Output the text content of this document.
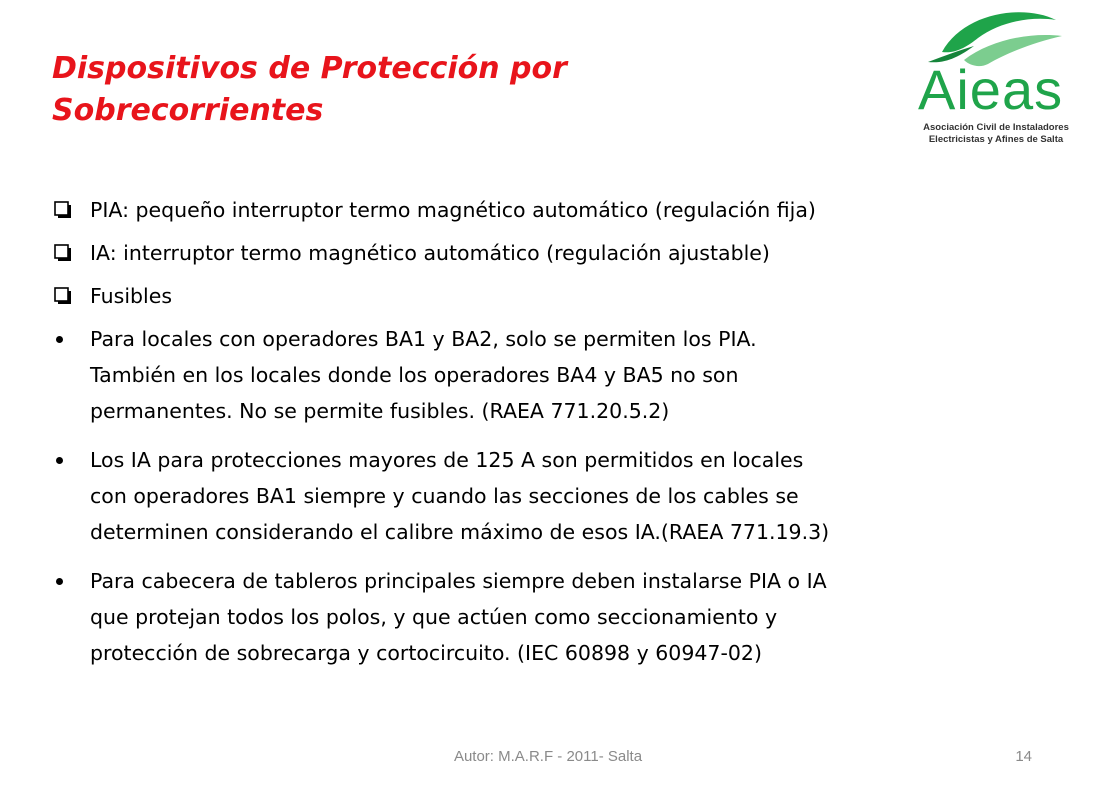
Dispositivos de Protección por
Sobrecorrientes	Aieas
Asociación Civil de Instaladores
Electricistas y Afines de Salta
PIA: pequeño interruptor termo magnético automático (regulación fija)
IA: interruptor termo magnético automático (regulación ajustable)
Fusibles
Para locales con operadores BA1 y BA2, solo se permiten los PIA.
También en los locales donde los operadores BA4 y BA5 no son
permanentes. No se permite fusibles. (RAEA 771.20.5.2)
Los IA para protecciones mayores de 125 A son permitidos en locales
con operadores BA1 siempre y cuando las secciones de los cables se
determinen considerando el calibre máximo de esos IA.(RAEA 771.19.3)
Para cabecera de tableros principales siempre deben instalarse PIA o IA
que protejan todos los polos, y que actúen como seccionamiento y
protección de sobrecarga y cortocircuito. (IEC 60898 y 60947-02)
Autor: M.A.R.F - 2011- Salta	14
